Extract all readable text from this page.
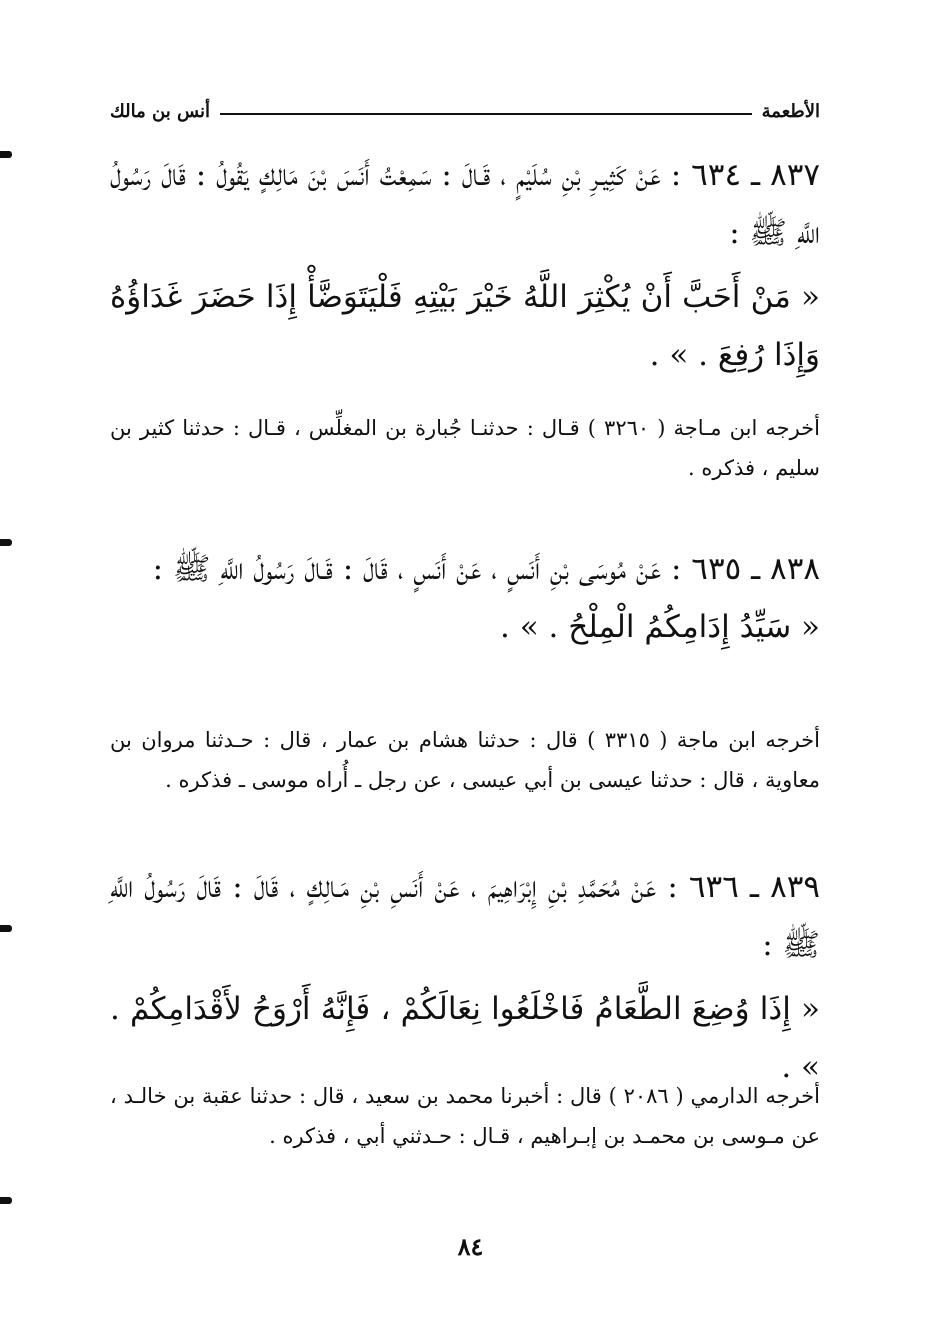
الأطعمة
أنس بن مالك
٨٣٧ ـ ٦٣٤ : عَنْ كَثِيـرِ بْنِ سُلَيْمٍ ، قَـالَ : سَمِعْتُ أَنَسَ بْنَ مَالِكٍ يَقُولُ : قَالَ رَسُولُ اللَّهِ ﷺ :
« مَنْ أَحَبَّ أَنْ يُكْثِرَ اللَّهُ خَيْرَ بَيْتِهِ فَلْيَتَوَضَّأْ إِذَا حَضَرَ غَدَاؤُهُ وَإِذَا رُفِعَ . » .
أخرجه ابن مـاجة ( ٣٢٦٠ ) قـال : حدثنـا جُبارة بن المغلِّس ، قـال : حدثنا كثير بن سليم ، فذكره .
٨٣٨ ـ ٦٣٥ : عَنْ مُوسَى بْنِ أَنَسٍ ، عَنْ أَنَسٍ ، قَالَ : قَـالَ رَسُولُ اللَّهِ ﷺ :
« سَيِّدُ إِدَامِكُمُ الْمِلْحُ . » .
أخرجه ابن ماجة ( ٣٣١٥ ) قال : حدثنا هشام بن عمار ، قال : حـدثنا مروان بن معاوية ، قال : حدثنا عيسى بن أبي عيسى ، عن رجل ـ أُراه موسى ـ فذكره .
٨٣٩ ـ ٦٣٦ : عَنْ مُحَمَّدِ بْنِ إِبْرَاهِيمَ ، عَنْ أَنَسِ بْنِ مَـالِكٍ ، قَالَ : قَالَ رَسُولُ اللَّهِ ﷺ :
« إِذَا وُضِعَ الطَّعَامُ فَاخْلَعُوا نِعَالَكُمْ ، فَإِنَّهُ أَرْوَحُ لأَقْدَامِكُمْ . » .
أخرجه الدارمي ( ٢٠٨٦ ) قال : أخبرنا محمد بن سعيد ، قال : حدثنا عقبة بن خالـد ، عن مـوسى بن محمـد بن إبـراهيم ، قـال : حـدثني أبي ، فذكره .
٨٤
